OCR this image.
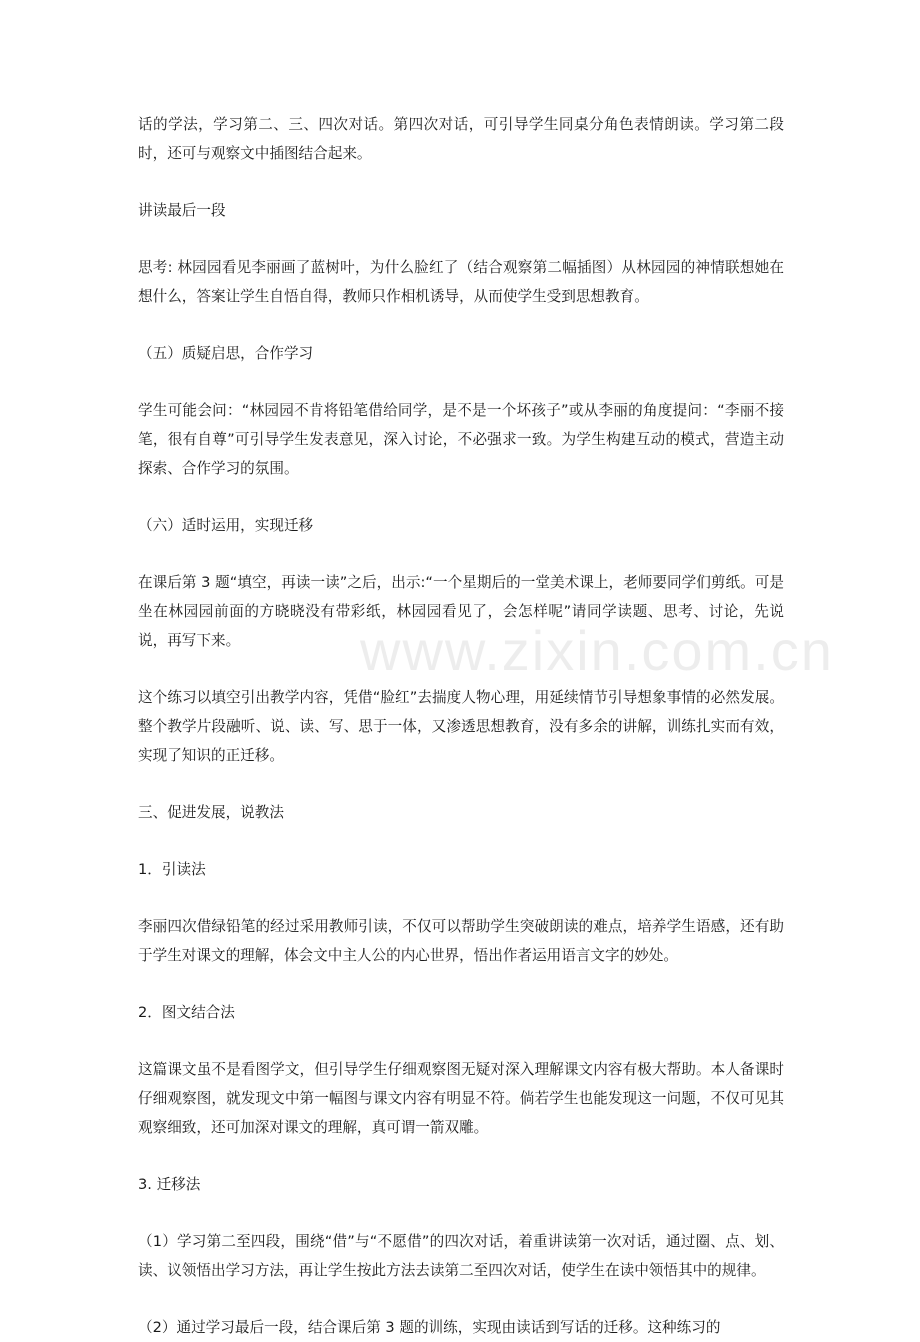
www.zixin.com.cn

话的学法，学习第二、三、四次对话。第四次对话，可引导学生同桌分角色表情朗读。学习第二段时，还可与观察文中插图结合起来。

讲读最后一段

思考: 林园园看见李丽画了蓝树叶，为什么脸红了（结合观察第二幅插图）从林园园的神情联想她在想什么，答案让学生自悟自得，教师只作相机诱导，从而使学生受到思想教育。

（五）质疑启思，合作学习

学生可能会问：“林园园不肯将铅笔借给同学，是不是一个坏孩子”或从李丽的角度提问：“李丽不接笔，很有自尊”可引导学生发表意见，深入讨论，不必强求一致。为学生构建互动的模式，营造主动探索、合作学习的氛围。

（六）适时运用，实现迁移

在课后第 3 题“填空，再读一读”之后，出示:“一个星期后的一堂美术课上，老师要同学们剪纸。可是坐在林园园前面的方晓晓没有带彩纸，林园园看见了，会怎样呢”请同学读题、思考、讨论，先说说，再写下来。

这个练习以填空引出教学内容，凭借“脸红”去揣度人物心理，用延续情节引导想象事情的必然发展。整个教学片段融听、说、读、写、思于一体，又渗透思想教育，没有多余的讲解，训练扎实而有效，实现了知识的正迁移。

三、促进发展，说教法

1．引读法

李丽四次借绿铅笔的经过采用教师引读，不仅可以帮助学生突破朗读的难点，培养学生语感，还有助于学生对课文的理解，体会文中主人公的内心世界，悟出作者运用语言文字的妙处。

2．图文结合法

这篇课文虽不是看图学文，但引导学生仔细观察图无疑对深入理解课文内容有极大帮助。本人备课时仔细观察图，就发现文中第一幅图与课文内容有明显不符。倘若学生也能发现这一问题，不仅可见其观察细致，还可加深对课文的理解，真可谓一箭双雕。

3. 迁移法

（1）学习第二至四段，围绕“借”与“不愿借”的四次对话，着重讲读第一次对话，通过圈、点、划、读、议领悟出学习方法，再让学生按此方法去读第二至四次对话，使学生在读中领悟其中的规律。

（2）通过学习最后一段，结合课后第 3 题的训练，实现由读话到写话的迁移。这种练习的
